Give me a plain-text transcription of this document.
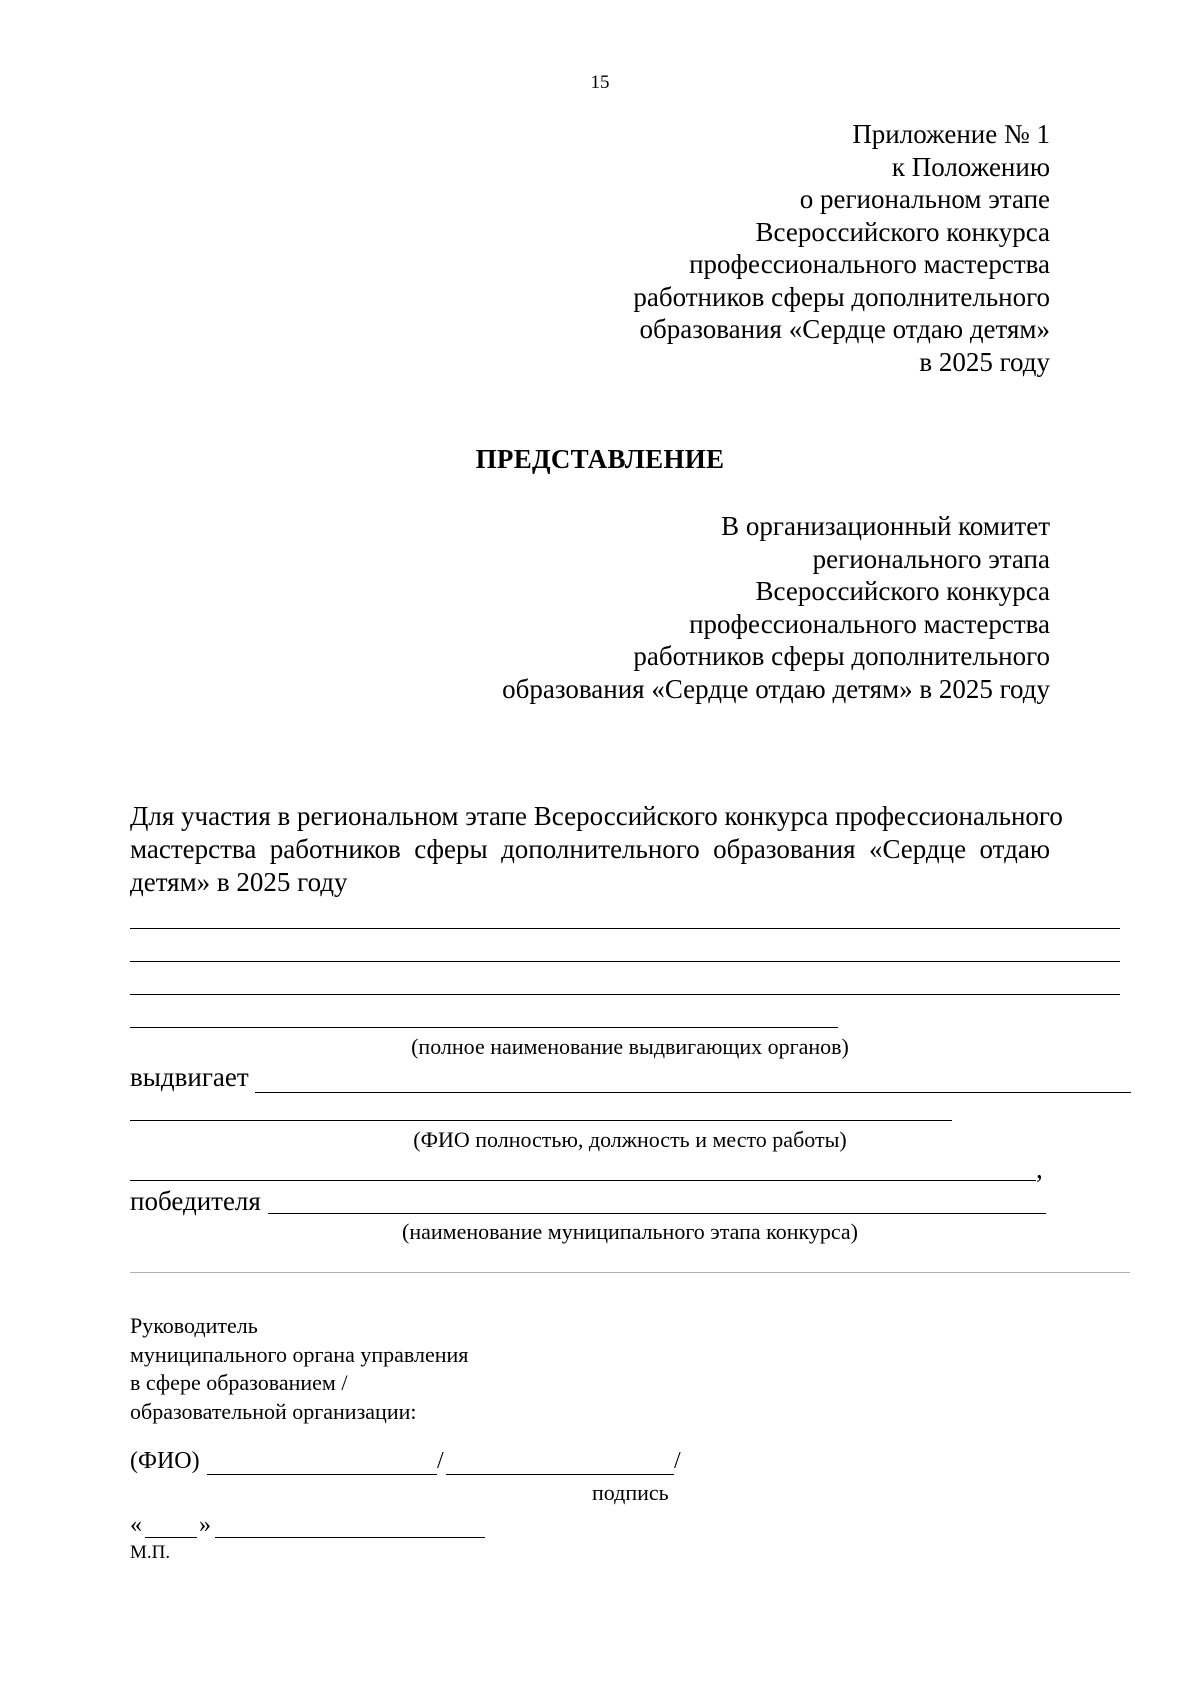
15
Приложение № 1
к Положению
о региональном этапе
Всероссийского конкурса
профессионального мастерства
работников сферы дополнительного
образования «Сердце отдаю детям»
в 2025 году
ПРЕДСТАВЛЕНИЕ
В организационный комитет
регионального этапа
Всероссийского конкурса
профессионального мастерства
работников сферы дополнительного
образования «Сердце отдаю детям» в 2025 году
Для участия в региональном этапе Всероссийского конкурса профессионального
мастерства работников сферы дополнительного образования «Сердце отдаю
детям» в 2025 году
(полное наименование выдвигающих органов)
выдвигает
(ФИО полностью, должность и место работы)
,
победителя
(наименование муниципального этапа конкурса)
Руководитель
муниципального органа управления
в сфере образованием /
образовательной организации:
(ФИО)	/	/
подпись
« »
М.П.
